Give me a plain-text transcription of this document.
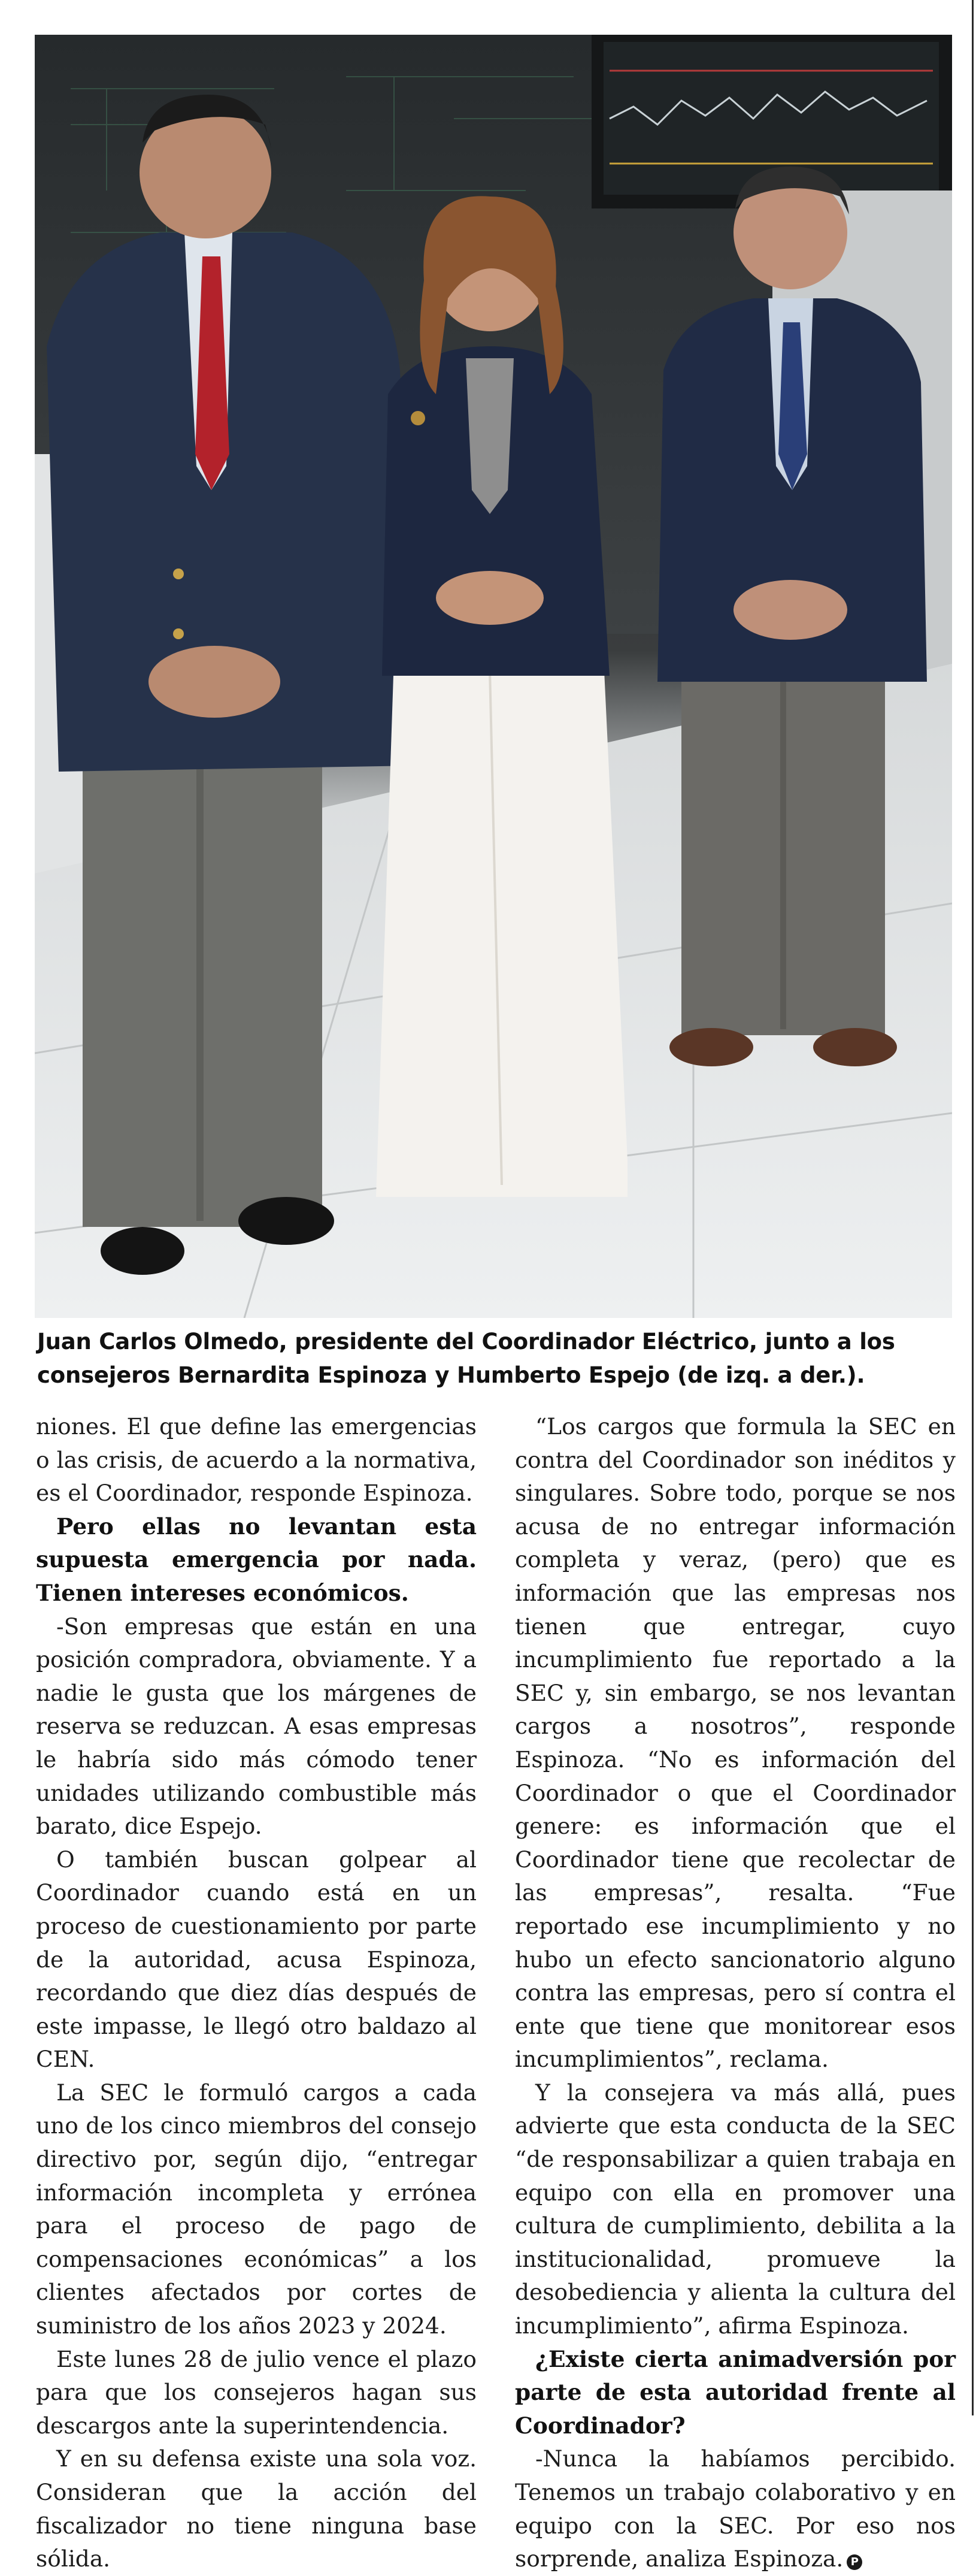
Juan Carlos Olmedo, presidente del Coordinador Eléctrico, junto a los consejeros Bernardita Espinoza y Humberto Espejo (de izq. a der.).

niones. El que define las emergencias o las crisis, de acuerdo a la normativa, es el Coordinador, responde Espinoza.

Pero ellas no levantan esta supuesta emergencia por nada. Tienen intereses económicos.

-Son empresas que están en una posición compradora, obviamente. Y a nadie le gusta que los márgenes de reserva se reduzcan. A esas empresas le habría sido más cómodo tener unidades utilizando combustible más barato, dice Espejo.

O también buscan golpear al Coordinador cuando está en un proceso de cuestionamiento por parte de la autoridad, acusa Espinoza, recordando que diez días después de este impasse, le llegó otro baldazo al CEN.

La SEC le formuló cargos a cada uno de los cinco miembros del consejo directivo por, según dijo, “entregar información incompleta y errónea para el proceso de pago de compensaciones económicas” a los clientes afectados por cortes de suministro de los años 2023 y 2024.

Este lunes 28 de julio vence el plazo para que los consejeros hagan sus descargos ante la superintendencia.

Y en su defensa existe una sola voz. Consideran que la acción del fiscalizador no tiene ninguna base sólida.

“Los cargos que formula la SEC en contra del Coordinador son inéditos y singulares. Sobre todo, porque se nos acusa de no entregar información completa y veraz, (pero) que es información que las empresas nos tienen que entregar, cuyo incumplimiento fue reportado a la SEC y, sin embargo, se nos levantan cargos a nosotros”, responde Espinoza. “No es información del Coordinador o que el Coordinador genere: es información que el Coordinador tiene que recolectar de las empresas”, resalta. “Fue reportado ese incumplimiento y no hubo un efecto sancionatorio alguno contra las empresas, pero sí contra el ente que tiene que monitorear esos incumplimientos”, reclama.

Y la consejera va más allá, pues advierte que esta conducta de la SEC “de responsabilizar a quien trabaja en equipo con ella en promover una cultura de cumplimiento, debilita a la institucionalidad, promueve la desobediencia y alienta la cultura del incumplimiento”, afirma Espinoza.

¿Existe cierta animadversión por parte de esta autoridad frente al Coordinador?

-Nunca la habíamos percibido. Tenemos un trabajo colaborativo y en equipo con la SEC. Por eso nos sorprende, analiza Espinoza. P
